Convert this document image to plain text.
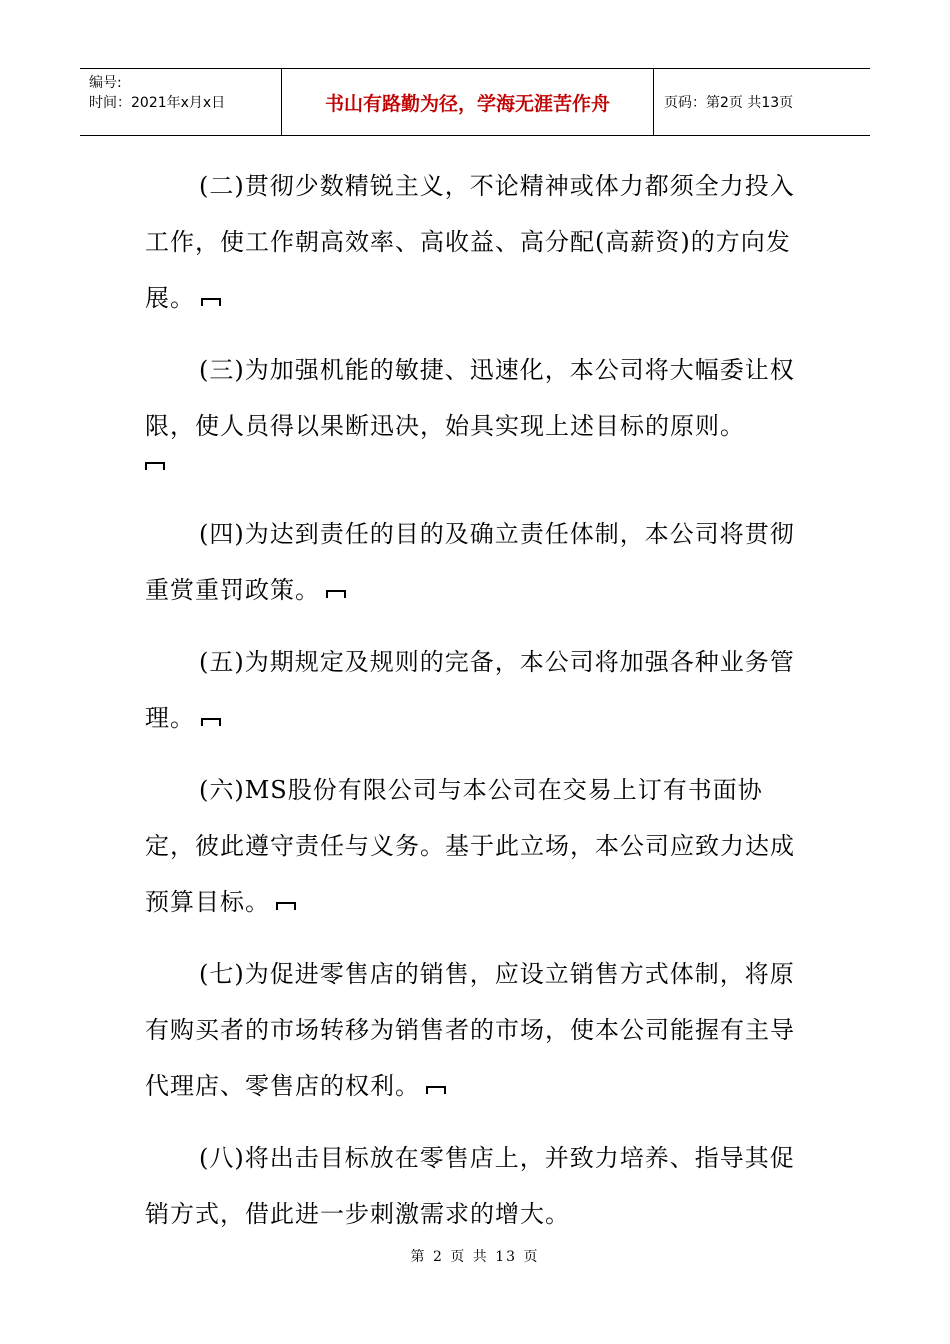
编号:
时间：2021年x月x日	书山有路勤为径，学海无涯苦作舟	页码：第2页 共13页

(二)贯彻少数精锐主义，不论精神或体力都须全力投入工作，使工作朝高效率、高收益、高分配(高薪资)的方向发展。

(三)为加强机能的敏捷、迅速化，本公司将大幅委让权限，使人员得以果断迅决，始具实现上述目标的原则。

(四)为达到责任的目的及确立责任体制，本公司将贯彻重赏重罚政策。

(五)为期规定及规则的完备，本公司将加强各种业务管理。

(六)MS股份有限公司与本公司在交易上订有书面协定，彼此遵守责任与义务。基于此立场，本公司应致力达成预算目标。

(七)为促进零售店的销售，应设立销售方式体制，将原有购买者的市场转移为销售者的市场，使本公司能握有主导代理店、零售店的权利。

(八)将出击目标放在零售店上，并致力培养、指导其促销方式，借此进一步刺激需求的增大。

第 2 页 共 13 页
